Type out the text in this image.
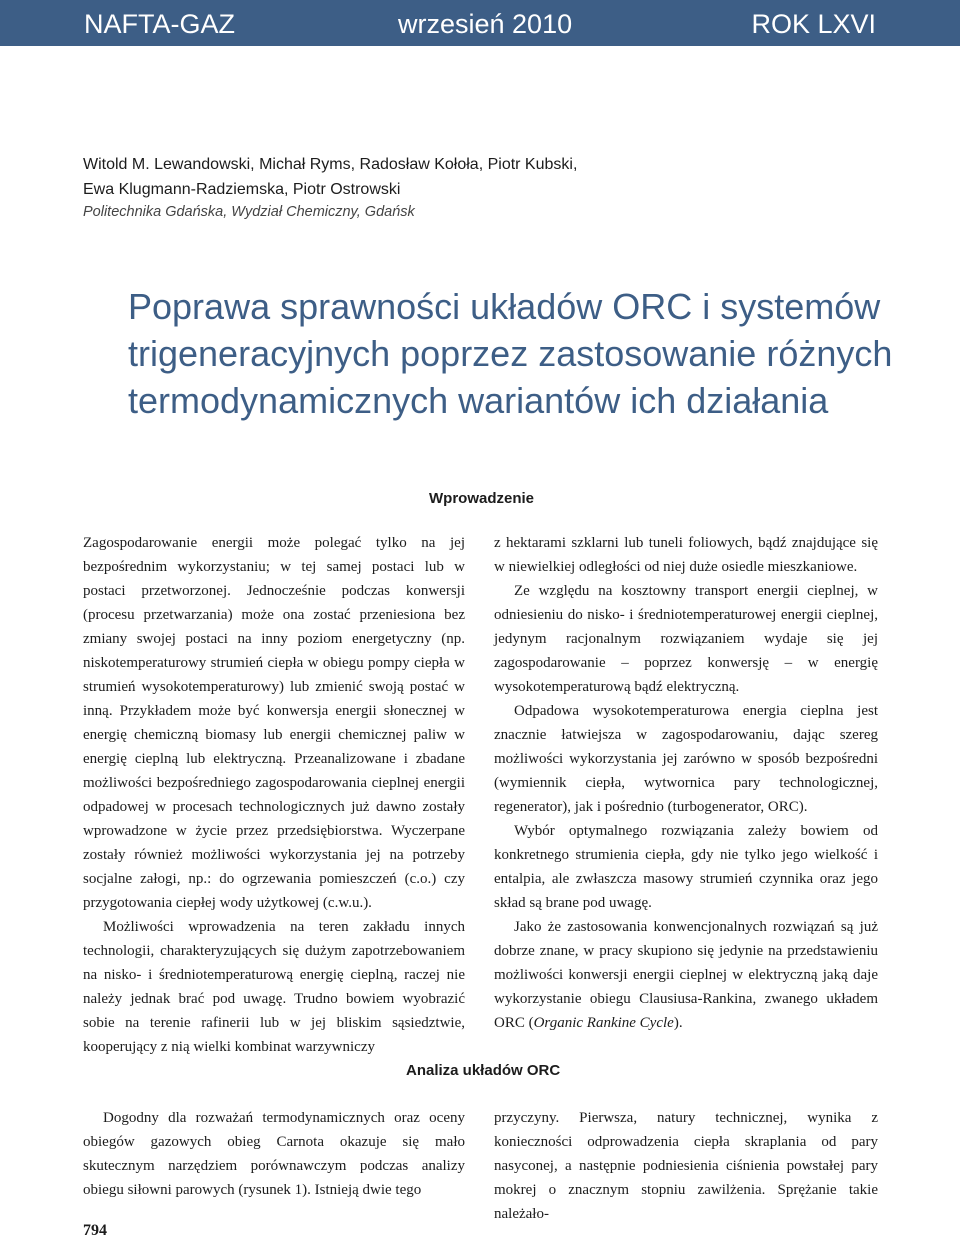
NAFTA-GAZ	wrzesień 2010	ROK LXVI
Witold M. Lewandowski, Michał Ryms, Radosław Kołoła, Piotr Kubski,
Ewa Klugmann-Radziemska, Piotr Ostrowski
Politechnika Gdańska, Wydział Chemiczny, Gdańsk
Poprawa sprawności układów ORC i systemów
trigeneracyjnych poprzez zastosowanie różnych
termodynamicznych wariantów ich działania
Wprowadzenie

Zagospodarowanie energii może polegać tylko na jej bezpośrednim wykorzystaniu; w tej samej postaci lub w postaci przetworzonej. Jednocześnie podczas konwersji (procesu przetwarzania) może ona zostać przeniesiona bez zmiany swojej postaci na inny poziom energetyczny (np. niskotemperaturowy strumień ciepła w obiegu pompy ciepła w strumień wysokotemperaturowy) lub zmienić swoją postać w inną. Przykładem może być konwersja energii słonecznej w energię chemiczną biomasy lub energii chemicznej paliw w energię cieplną lub elektryczną. Przeanalizowane i zbadane możliwości bezpośredniego zagospodarowania cieplnej energii odpadowej w procesach technologicznych już dawno zostały wprowadzone w życie przez przedsiębiorstwa. Wyczerpane zostały również możliwości wykorzystania jej na potrzeby socjalne załogi, np.: do ogrzewania pomieszczeń (c.o.) czy przygotowania ciepłej wody użytkowej (c.w.u.).

Możliwości wprowadzenia na teren zakładu innych technologii, charakteryzujących się dużym zapotrzebowaniem na nisko- i średniotemperaturową energię cieplną, raczej nie należy jednak brać pod uwagę. Trudno bowiem wyobrazić sobie na terenie rafinerii lub w jej bliskim sąsiedztwie, kooperujący z nią wielki kombinat warzywniczy

z hektarami szklarni lub tuneli foliowych, bądź znajdujące się w niewielkiej odległości od niej duże osiedle mieszkaniowe.

Ze względu na kosztowny transport energii cieplnej, w odniesieniu do nisko- i średniotemperaturowej energii cieplnej, jedynym racjonalnym rozwiązaniem wydaje się jej zagospodarowanie – poprzez konwersję – w energię wysokotemperaturową bądź elektryczną.

Odpadowa wysokotemperaturowa energia cieplna jest znacznie łatwiejsza w zagospodarowaniu, dając szereg możliwości wykorzystania jej zarówno w sposób bezpośredni (wymiennik ciepła, wytwornica pary technologicznej, regenerator), jak i pośrednio (turbogenerator, ORC).

Wybór optymalnego rozwiązania zależy bowiem od konkretnego strumienia ciepła, gdy nie tylko jego wielkość i entalpia, ale zwłaszcza masowy strumień czynnika oraz jego skład są brane pod uwagę.

Jako że zastosowania konwencjonalnych rozwiązań są już dobrze znane, w pracy skupiono się jedynie na przedstawieniu możliwości konwersji energii cieplnej w elektryczną jaką daje wykorzystanie obiegu Clausiusa-Rankina, zwanego układem ORC (Organic Rankine Cycle).

Analiza układów ORC

Dogodny dla rozważań termodynamicznych oraz oceny obiegów gazowych obieg Carnota okazuje się mało skutecznym narzędziem porównawczym podczas analizy obiegu siłowni parowych (rysunek 1). Istnieją dwie tego

przyczyny. Pierwsza, natury technicznej, wynika z konieczności odprowadzenia ciepła skraplania od pary nasyconej, a następnie podniesienia ciśnienia powstałej pary mokrej o znacznym stopniu zawilżenia. Sprężanie takie należało-

794
